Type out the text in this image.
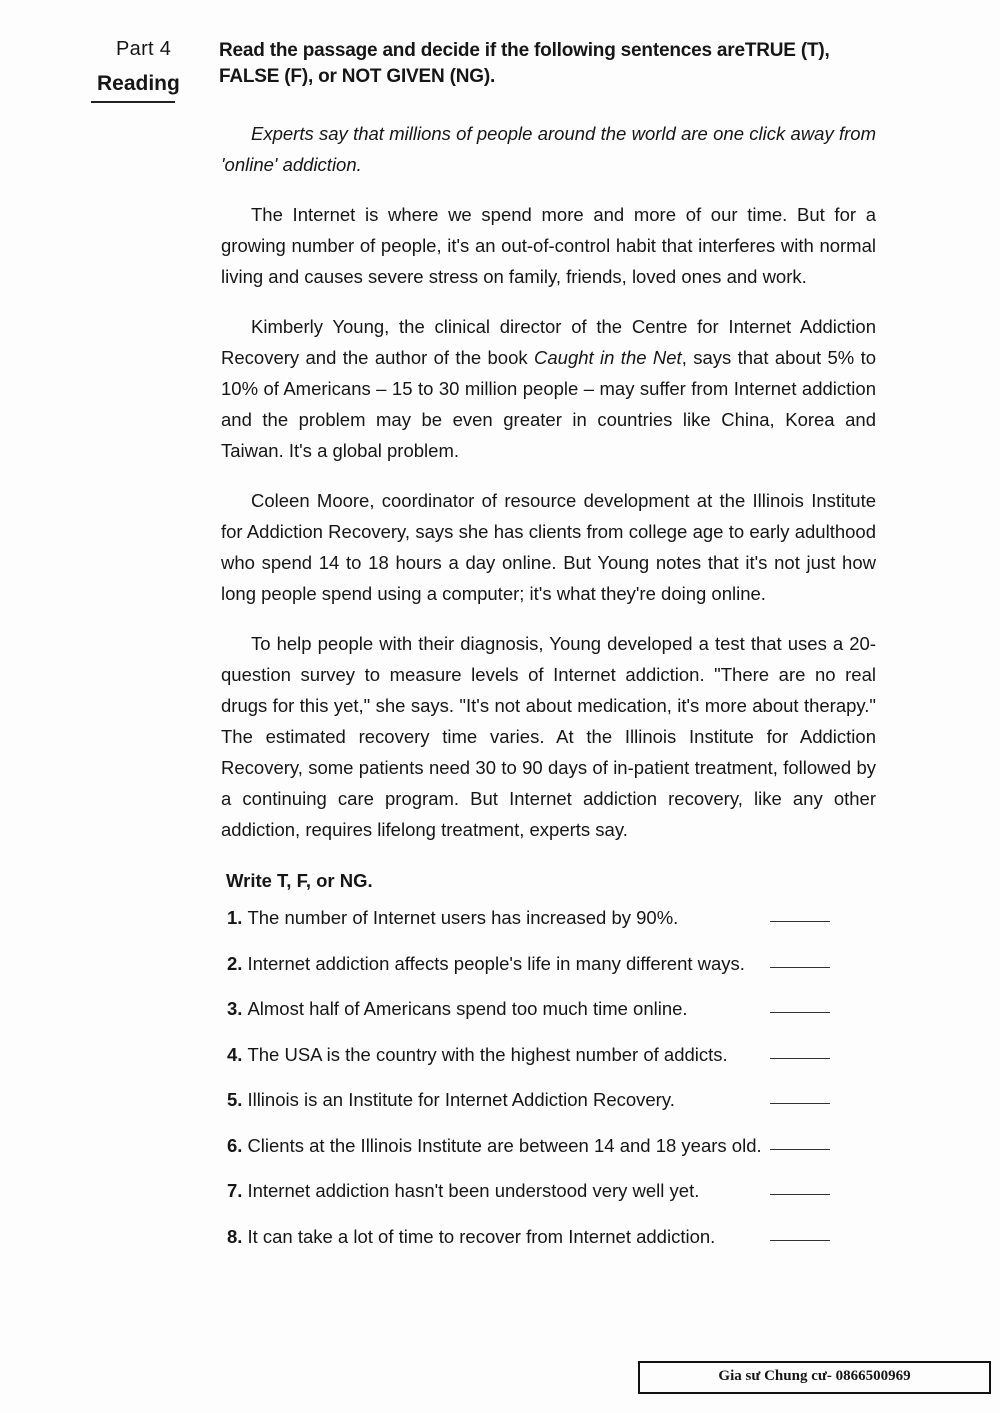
Part 4
Reading
Read the passage and decide if the following sentences areTRUE (T), FALSE (F), or NOT GIVEN (NG).

Experts say that millions of people around the world are one click away from 'online' addiction.

The Internet is where we spend more and more of our time. But for a growing number of people, it's an out-of-control habit that interferes with normal living and causes severe stress on family, friends, loved ones and work.

Kimberly Young, the clinical director of the Centre for Internet Addiction Recovery and the author of the book Caught in the Net, says that about 5% to 10% of Americans – 15 to 30 million people – may suffer from Internet addiction and the problem may be even greater in countries like China, Korea and Taiwan. It's a global problem.

Coleen Moore, coordinator of resource development at the Illinois Institute for Addiction Recovery, says she has clients from college age to early adulthood who spend 14 to 18 hours a day online. But Young notes that it's not just how long people spend using a computer; it's what they're doing online.

To help people with their diagnosis, Young developed a test that uses a 20-question survey to measure levels of Internet addiction. "There are no real drugs for this yet," she says. "It's not about medication, it's more about therapy." The estimated recovery time varies. At the Illinois Institute for Addiction Recovery, some patients need 30 to 90 days of in-patient treatment, followed by a continuing care program. But Internet addiction recovery, like any other addiction, requires lifelong treatment, experts say.

Write T, F, or NG.
1. The number of Internet users has increased by 90%.
2. Internet addiction affects people's life in many different ways.
3. Almost half of Americans spend too much time online.
4. The USA is the country with the highest number of addicts.
5. Illinois is an Institute for Internet Addiction Recovery.
6. Clients at the Illinois Institute are between 14 and 18 years old.
7. Internet addiction hasn't been understood very well yet.
8. It can take a lot of time to recover from Internet addiction.
Gia sư Chung cư- 0866500969
